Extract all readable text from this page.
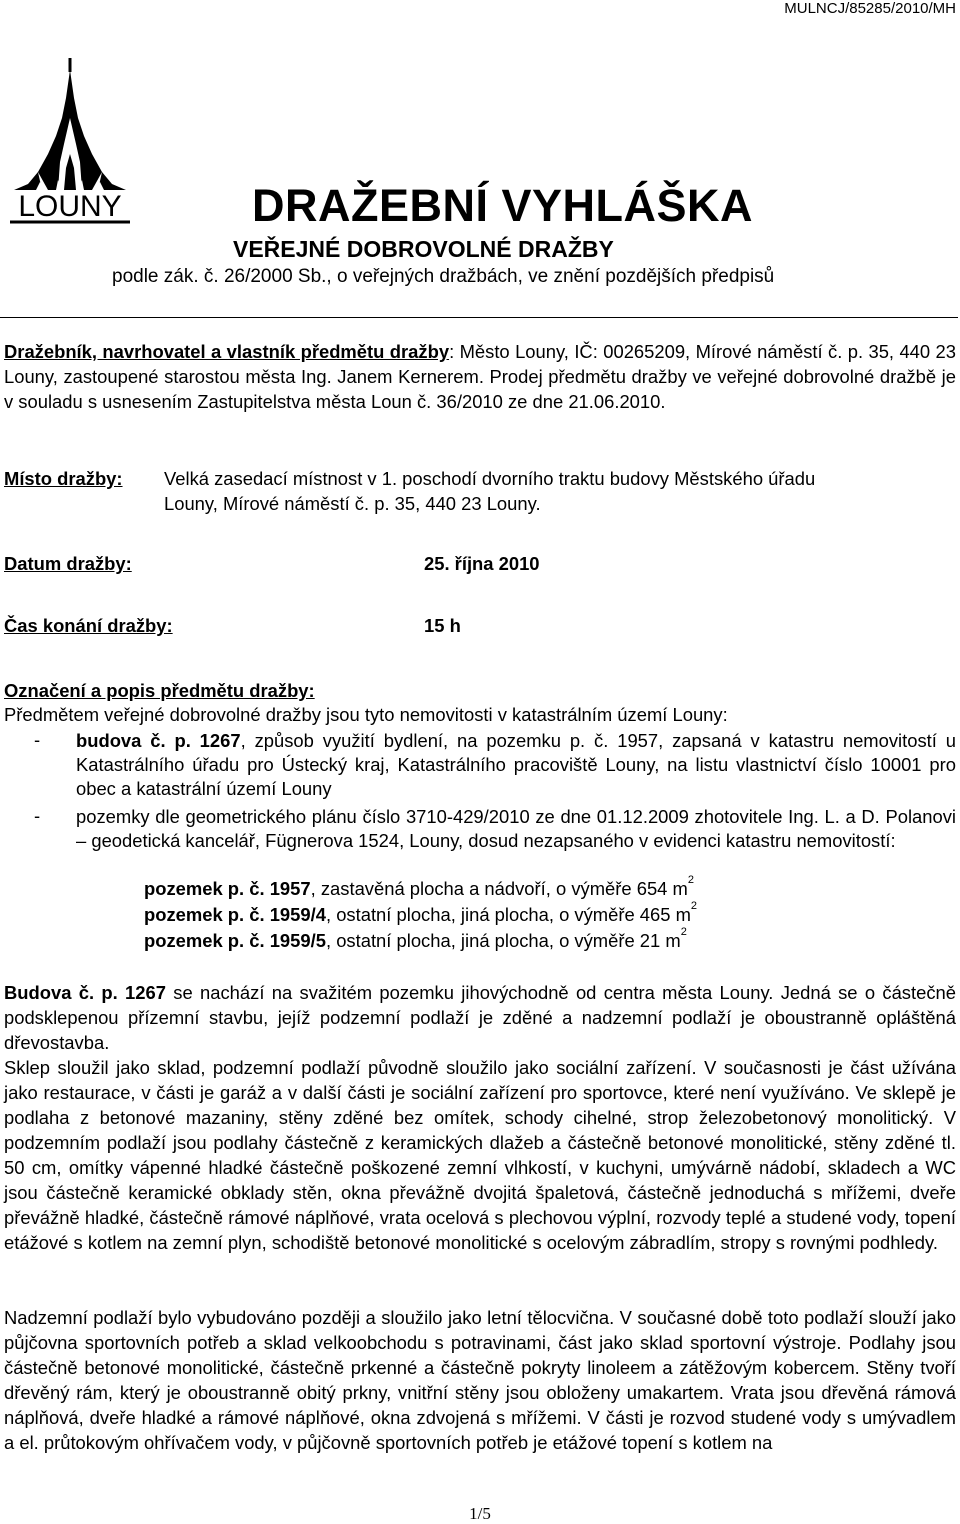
MULNCJ/85285/2010/MH
LOUNY	DRAŽEBNÍ VYHLÁŠKA
VEŘEJNÉ DOBROVOLNÉ DRAŽBY
podle zák. č. 26/2000 Sb., o veřejných dražbách, ve znění pozdějších předpisů
Dražebník, navrhovatel a vlastník předmětu dražby: Město Louny, IČ: 00265209, Mírové náměstí č. p. 35, 440 23 Louny, zastoupené starostou města Ing. Janem Kernerem. Prodej předmětu dražby ve veřejné dobrovolné dražbě je v souladu s usnesením Zastupitelstva města Loun č. 36/2010 ze dne 21.06.2010.
Místo dražby: Velká zasedací místnost v 1. poschodí dvorního traktu budovy Městského úřadu
Louny, Mírové náměstí č. p. 35, 440 23 Louny.
Datum dražby:	25. října 2010
Čas konání dražby:	15 h
Označení a popis předmětu dražby:
Předmětem veřejné dobrovolné dražby jsou tyto nemovitosti v katastrálním území Louny:
- budova č. p. 1267, způsob využití bydlení, na pozemku p. č. 1957, zapsaná v katastru nemovitostí u Katastrálního úřadu pro Ústecký kraj, Katastrálního pracoviště Louny, na listu vlastnictví číslo 10001 pro obec a katastrální území Louny
- pozemky dle geometrického plánu číslo 3710-429/2010 ze dne 01.12.2009 zhotovitele Ing. L. a D. Polanovi – geodetická kancelář, Fügnerova 1524, Louny, dosud nezapsaného v evidenci katastru nemovitostí:
pozemek p. č. 1957, zastavěná plocha a nádvoří, o výměře 654 $m^2$
pozemek p. č. 1959/4, ostatní plocha, jiná plocha, o výměře 465 $m^2$
pozemek p. č. 1959/5, ostatní plocha, jiná plocha, o výměře 21 $m^2$
Budova č. p. 1267 se nachází na svažitém pozemku jihovýchodně od centra města Louny. Jedná se o částečně podsklepenou přízemní stavbu, jejíž podzemní podlaží je zděné a nadzemní podlaží je oboustranně opláštěná dřevostavba.
Sklep sloužil jako sklad, podzemní podlaží původně sloužilo jako sociální zařízení. V současnosti je část užívána jako restaurace, v části je garáž a v další části je sociální zařízení pro sportovce, které není využíváno. Ve sklepě je podlaha z betonové mazaniny, stěny zděné bez omítek, schody cihelné, strop železobetonový monolitický. V podzemním podlaží jsou podlahy částečně z keramických dlažeb a částečně betonové monolitické, stěny zděné tl. 50 cm, omítky vápenné hladké částečně poškozené zemní vlhkostí, v kuchyni, umývárně nádobí, skladech a WC jsou částečně keramické obklady stěn, okna převážně dvojitá špaletová, částečně jednoduchá s mřížemi, dveře převážně hladké, částečně rámové náplňové, vrata ocelová s plechovou výplní, rozvody teplé a studené vody, topení etážové s kotlem na zemní plyn, schodiště betonové monolitické s ocelovým zábradlím, stropy s rovnými podhledy.
Nadzemní podlaží bylo vybudováno později a sloužilo jako letní tělocvična. V současné době toto podlaží slouží jako půjčovna sportovních potřeb a sklad velkoobchodu s potravinami, část jako sklad sportovní výstroje. Podlahy jsou částečně betonové monolitické, částečně prkenné a částečně pokryty linoleem a zátěžovým kobercem. Stěny tvoří dřevěný rám, který je oboustranně obitý prkny, vnitřní stěny jsou obloženy umakartem. Vrata jsou dřevěná rámová náplňová, dveře hladké a rámové náplňové, okna zdvojená s mřížemi. V části je rozvod studené vody s umývadlem a el. průtokovým ohřívačem vody, v půjčovně sportovních potřeb je etážové topení s kotlem na
1/5
